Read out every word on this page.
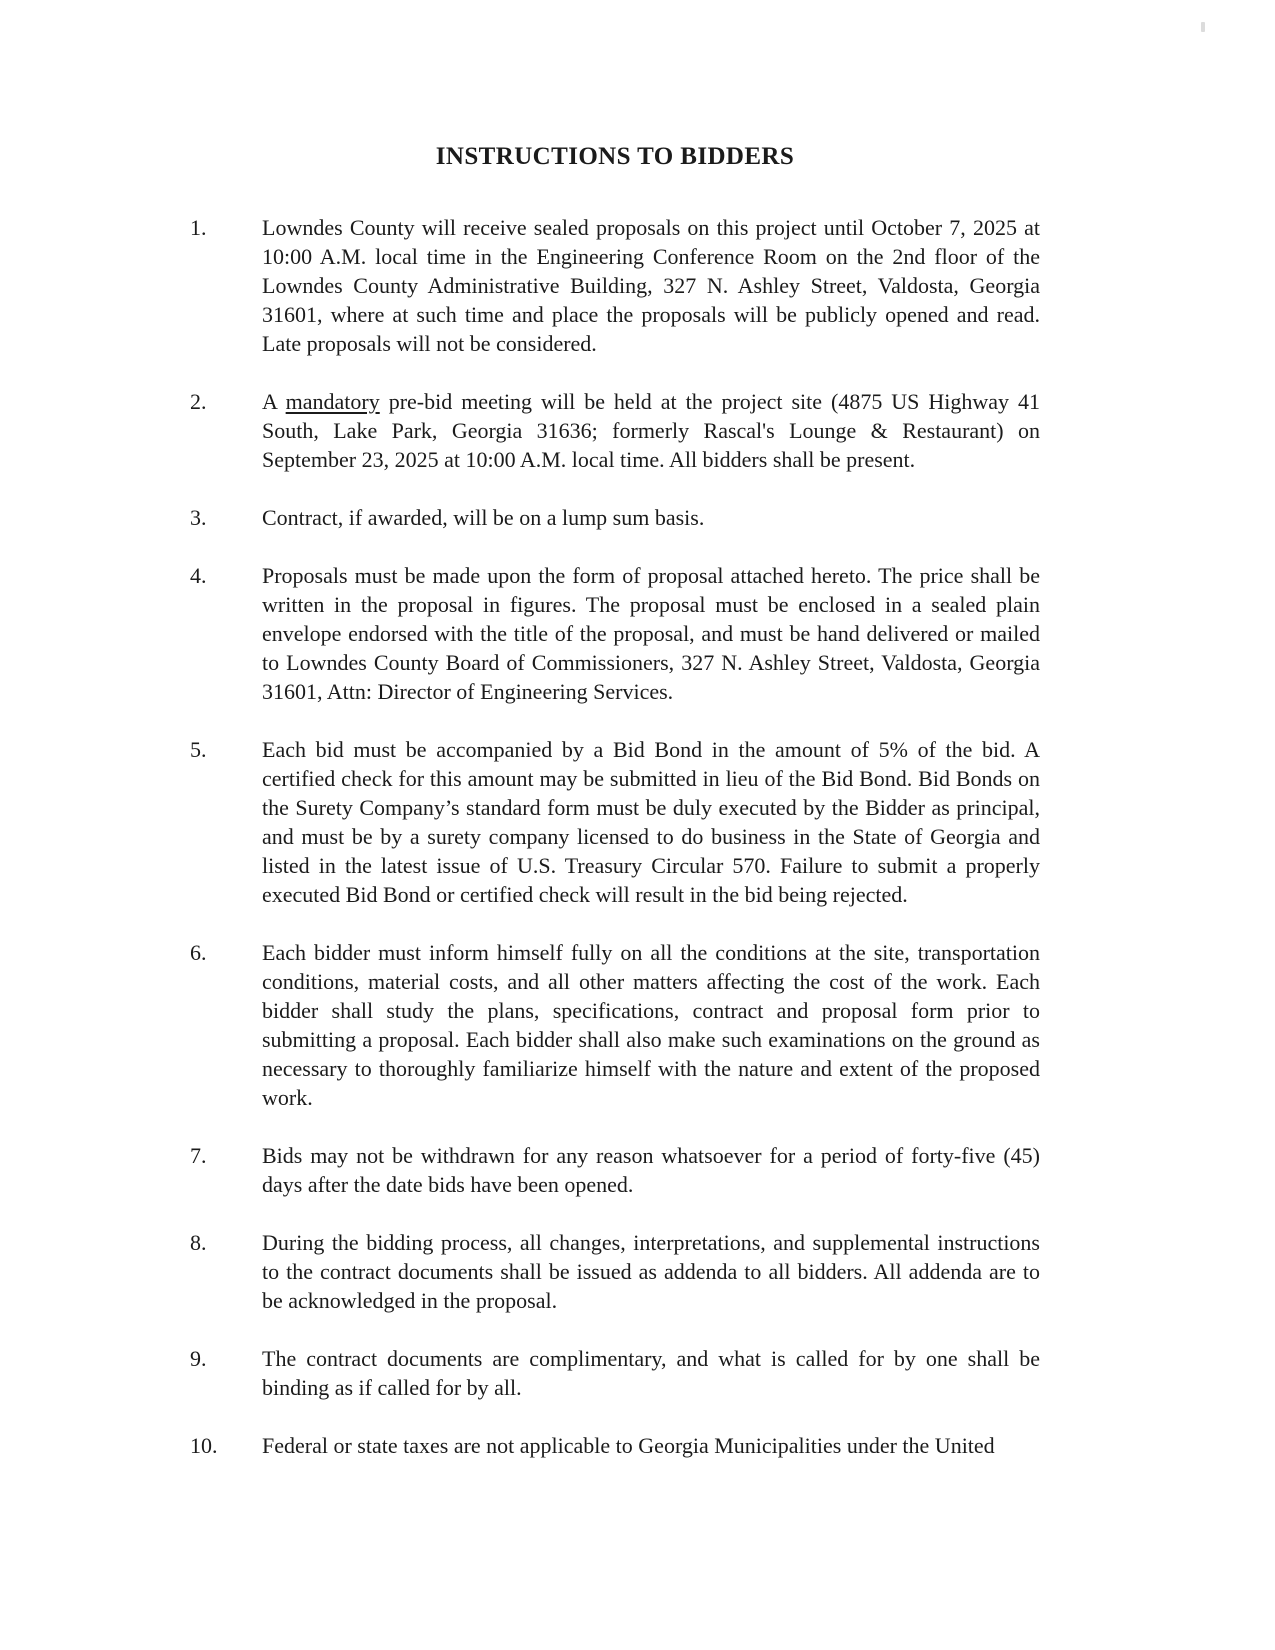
INSTRUCTIONS TO BIDDERS
1.	Lowndes County will receive sealed proposals on this project until October 7, 2025 at 10:00 A.M. local time in the Engineering Conference Room on the 2nd floor of the Lowndes County Administrative Building, 327 N. Ashley Street, Valdosta, Georgia 31601, where at such time and place the proposals will be publicly opened and read. Late proposals will not be considered.
2.	A mandatory pre-bid meeting will be held at the project site (4875 US Highway 41 South, Lake Park, Georgia 31636; formerly Rascal's Lounge & Restaurant) on September 23, 2025 at 10:00 A.M. local time. All bidders shall be present.
3.	Contract, if awarded, will be on a lump sum basis.
4.	Proposals must be made upon the form of proposal attached hereto. The price shall be written in the proposal in figures. The proposal must be enclosed in a sealed plain envelope endorsed with the title of the proposal, and must be hand delivered or mailed to Lowndes County Board of Commissioners, 327 N. Ashley Street, Valdosta, Georgia 31601, Attn: Director of Engineering Services.
5.	Each bid must be accompanied by a Bid Bond in the amount of 5% of the bid. A certified check for this amount may be submitted in lieu of the Bid Bond. Bid Bonds on the Surety Company’s standard form must be duly executed by the Bidder as principal, and must be by a surety company licensed to do business in the State of Georgia and listed in the latest issue of U.S. Treasury Circular 570. Failure to submit a properly executed Bid Bond or certified check will result in the bid being rejected.
6.	Each bidder must inform himself fully on all the conditions at the site, transportation conditions, material costs, and all other matters affecting the cost of the work. Each bidder shall study the plans, specifications, contract and proposal form prior to submitting a proposal. Each bidder shall also make such examinations on the ground as necessary to thoroughly familiarize himself with the nature and extent of the proposed work.
7.	Bids may not be withdrawn for any reason whatsoever for a period of forty-five (45) days after the date bids have been opened.
8.	During the bidding process, all changes, interpretations, and supplemental instructions to the contract documents shall be issued as addenda to all bidders. All addenda are to be acknowledged in the proposal.
9.	The contract documents are complimentary, and what is called for by one shall be binding as if called for by all.
10.	Federal or state taxes are not applicable to Georgia Municipalities under the United
